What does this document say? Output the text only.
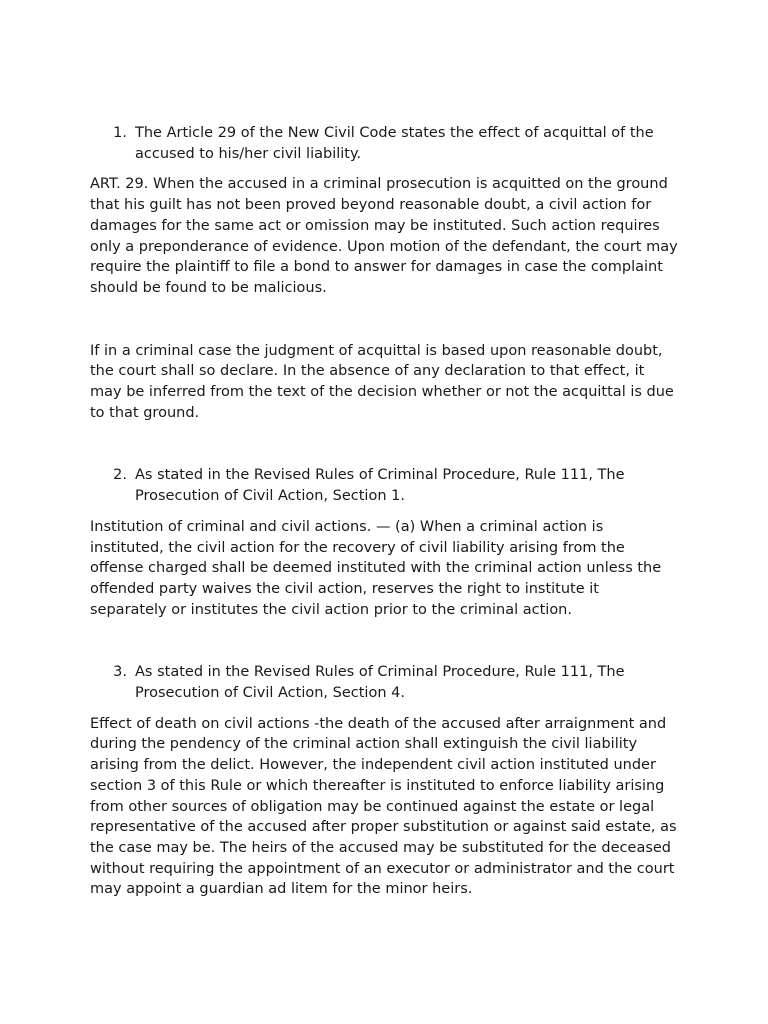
1. The Article 29 of the New Civil Code states the effect of acquittal of the accused to his/her civil liability.

ART. 29. When the accused in a criminal prosecution is acquitted on the ground that his guilt has not been proved beyond reasonable doubt, a civil action for damages for the same act or omission may be instituted. Such action requires only a preponderance of evidence. Upon motion of the defendant, the court may require the plaintiff to file a bond to answer for damages in case the complaint should be found to be malicious.

If in a criminal case the judgment of acquittal is based upon reasonable doubt, the court shall so declare. In the absence of any declaration to that effect, it may be inferred from the text of the decision whether or not the acquittal is due to that ground.

2. As stated in the Revised Rules of Criminal Procedure, Rule 111, The Prosecution of Civil Action, Section 1.

Institution of criminal and civil actions. — (a) When a criminal action is instituted, the civil action for the recovery of civil liability arising from the offense charged shall be deemed instituted with the criminal action unless the offended party waives the civil action, reserves the right to institute it separately or institutes the civil action prior to the criminal action.

3. As stated in the Revised Rules of Criminal Procedure, Rule 111, The Prosecution of Civil Action, Section 4.

Effect of death on civil actions -the death of the accused after arraignment and during the pendency of the criminal action shall extinguish the civil liability arising from the delict. However, the independent civil action instituted under section 3 of this Rule or which thereafter is instituted to enforce liability arising from other sources of obligation may be continued against the estate or legal representative of the accused after proper substitution or against said estate, as the case may be. The heirs of the accused may be substituted for the deceased without requiring the appointment of an executor or administrator and the court may appoint a guardian ad litem for the minor heirs.
